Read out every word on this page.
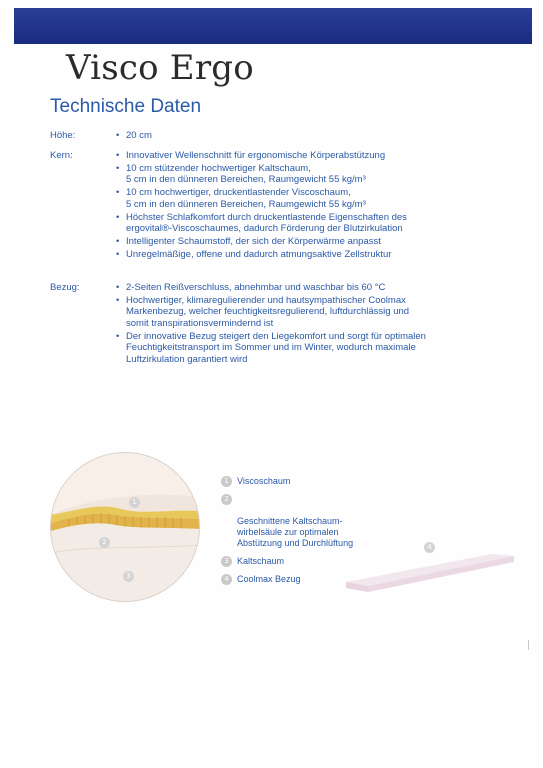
Visco Ergo
Technische Daten
Höhe:	• 20 cm
Kern:	• Innovativer Wellenschnitt für ergonomische Körperabstützung
• 10 cm stützender hochwertiger Kaltschaum,
5 cm in den dünneren Bereichen, Raumgewicht 55 kg/m³
• 10 cm hochwertiger, druckentlastender Viscoschaum,
5 cm in den dünneren Bereichen, Raumgewicht 55 kg/m³
• Höchster Schlafkomfort durch druckentlastende Eigenschaften des
ergovital®-Viscoschaumes, dadurch Förderung der Blutzirkulation
• Intelligenter Schaumstoff, der sich der Körperwärme anpasst
• Unregelmäßige, offene und dadurch atmungsaktive Zellstruktur
Bezug:	• 2-Seiten Reißverschluss, abnehmbar und waschbar bis 60 °C
• Hochwertiger, klimaregulierender und hautsympathischer Coolmax
Markenbezug, welcher feuchtigkeitsregulierend, luftdurchlässig und
somit transpirationsvermindernd ist
• Der innovative Bezug steigert den Liegekomfort und sorgt für optimalen
Feuchtigkeitstransport im Sommer und im Winter, wodurch maximale
Luftzirkulation garantiert wird
1
2
3
1 Viscoschaum

2

Geschnittene Kaltschaum-
wirbelsäule zur optimalen
Abstützung und Durchlüftung

3 Kaltschaum
4 Coolmax Bezug
4
